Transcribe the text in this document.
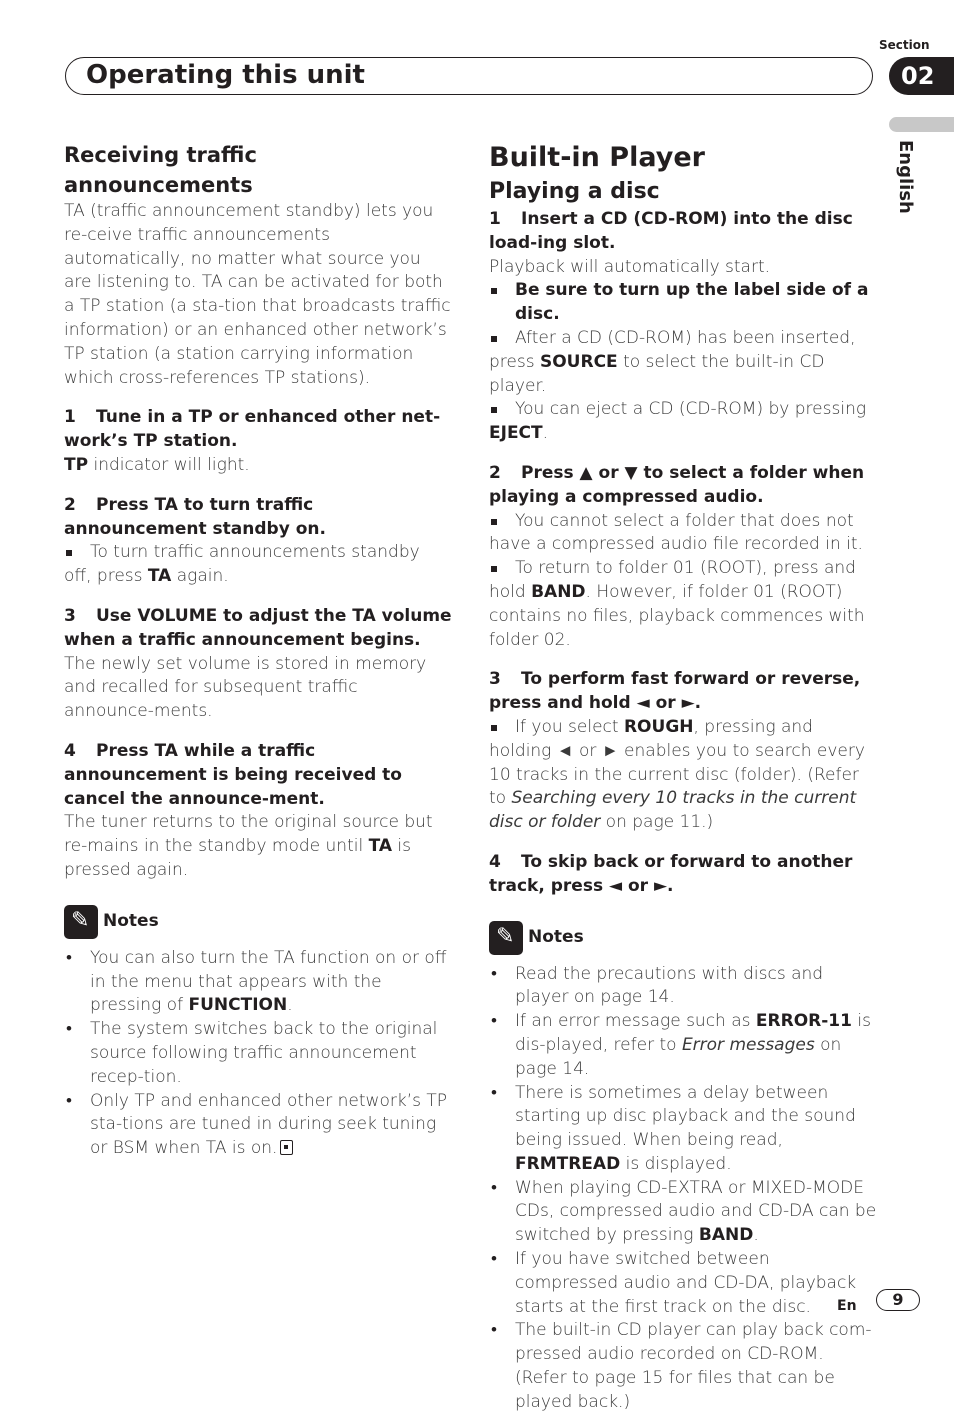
Section
Operating this unit	02
English

Receiving traffic announcements

TA (traffic announcement standby) lets you re-ceive traffic announcements automatically, no matter what source you are listening to. TA can be activated for both a TP station (a sta-tion that broadcasts traffic information) or an enhanced other network’s TP station (a station carrying information which cross-references TP stations).

1 Tune in a TP or enhanced other net-work’s TP station.

TP indicator will light.

2 Press TA to turn traffic announcement standby on.

To turn traffic announcements standby off, press TA again.

3 Use VOLUME to adjust the TA volume when a traffic announcement begins.

The newly set volume is stored in memory and recalled for subsequent traffic announce-ments.

4 Press TA while a traffic announcement is being received to cancel the announce-ment.

The tuner returns to the original source but re-mains in the standby mode until TA is pressed again.

✎
Notes

• You can also turn the TA function on or off in the menu that appears with the pressing of FUNCTION.

• The system switches back to the original source following traffic announcement recep-tion.

• Only TP and enhanced other network’s TP sta-tions are tuned in during seek tuning or BSM when TA is on.

Built-in Player

Playing a disc

1 Insert a CD (CD-ROM) into the disc load-ing slot.

Playback will automatically start.

Be sure to turn up the label side of a disc.

After a CD (CD-ROM) has been inserted, press SOURCE to select the built-in CD player.

You can eject a CD (CD-ROM) by pressing EJECT.

2 Press ▲ or ▼ to select a folder when playing a compressed audio.

You cannot select a folder that does not have a compressed audio file recorded in it.

To return to folder 01 (ROOT), press and hold BAND. However, if folder 01 (ROOT) contains no files, playback commences with folder 02.

3 To perform fast forward or reverse, press and hold ◄ or ►.

If you select ROUGH, pressing and holding ◄ or ► enables you to search every 10 tracks in the current disc (folder). (Refer to Searching every 10 tracks in the current disc or folder on page 11.)

4 To skip back or forward to another track, press ◄ or ►.

✎
Notes

• Read the precautions with discs and player on page 14.

• If an error message such as ERROR-11 is dis-played, refer to Error messages on page 14.

• There is sometimes a delay between starting up disc playback and the sound being issued. When being read, FRMTREAD is displayed.

• When playing CD-EXTRA or MIXED-MODE CDs, compressed audio and CD-DA can be switched by pressing BAND.

• If you have switched between compressed audio and CD-DA, playback starts at the first track on the disc.

• The built-in CD player can play back com-pressed audio recorded on CD-ROM. (Refer to page 15 for files that can be played back.)

En	9
